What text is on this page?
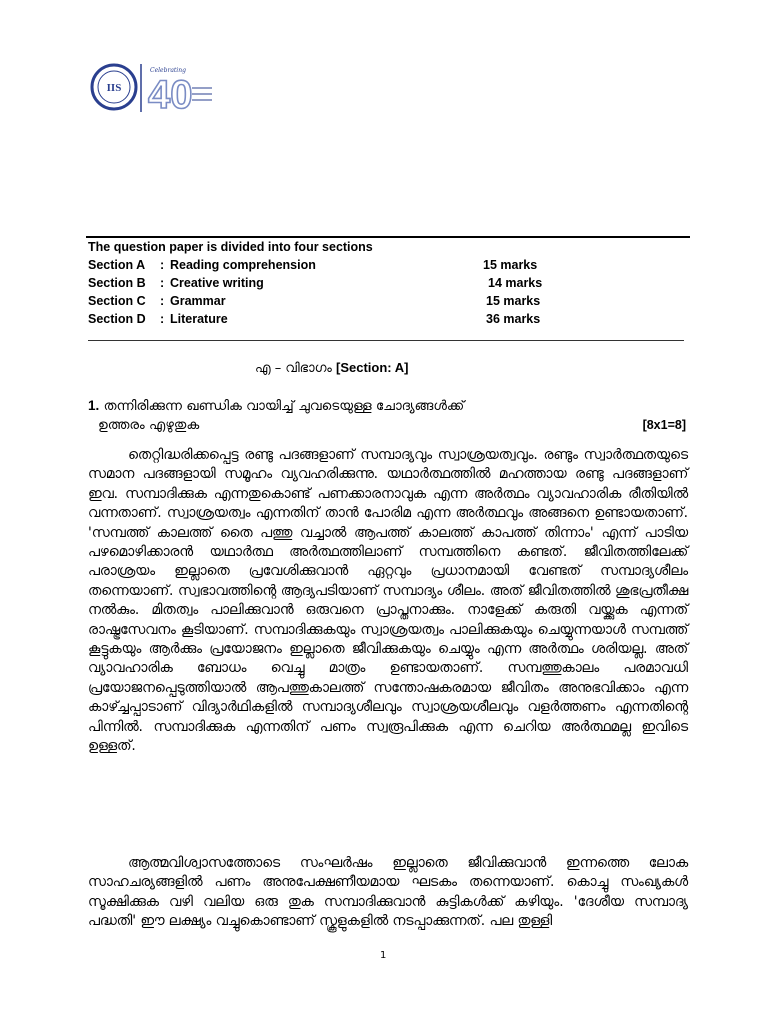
IIS
Celebrating
40
The question paper is divided into four sections
Section A : Reading comprehension	15 marks
Section B : Creative writing	14 marks
Section C : Grammar	15 marks
Section D : Literature	36 marks
എ – വിഭാഗം [Section: A]
1. തന്നിരിക്കുന്ന ഖണ്ഡിക വായിച്ച് ചുവടെയുള്ള ചോദ്യങ്ങൾക്ക്
ഉത്തരം എഴുതുക	[8x1=8]
തെറ്റിദ്ധരിക്കപ്പെട്ട രണ്ടു പദങ്ങളാണ് സമ്പാദ്യവും സ്വാശ്രയത്വവും. രണ്ടും സ്വാർത്ഥതയുടെ സമാന പദങ്ങളായി സമൂഹം വ്യവഹരിക്കുന്നു. യഥാർത്ഥത്തിൽ മഹത്തായ രണ്ടു പദങ്ങളാണ് ഇവ. സമ്പാദിക്കുക എന്നതുകൊണ്ട് പണക്കാരനാവുക എന്ന അർത്ഥം വ്യാവഹാരിക രീതിയിൽ വന്നതാണ്. സ്വാശ്രയത്വം എന്നതിന് താൻ പോരിമ എന്ന അർത്ഥവും അങ്ങനെ ഉണ്ടായതാണ്. 'സമ്പത്ത് കാലത്ത് തൈ പത്തു വച്ചാൽ ആപത്ത് കാലത്ത് കാപത്ത് തിന്നാം' എന്ന് പാടിയ പഴമൊഴിക്കാരൻ യഥാർത്ഥ അർത്ഥത്തിലാണ് സമ്പത്തിനെ കണ്ടത്. ജീവിതത്തിലേക്ക് പരാശ്രയം ഇല്ലാതെ പ്രവേശിക്കുവാൻ ഏറ്റവും പ്രധാനമായി വേണ്ടത് സമ്പാദ്യശീലം തന്നെയാണ്. സ്വഭാവത്തിന്റെ ആദ്യപടിയാണ് സമ്പാദ്യം ശീലം. അത് ജീവിതത്തിൽ ശുഭപ്രതീക്ഷ നൽകും. മിതത്വം പാലിക്കുവാൻ ഒരുവനെ പ്രാപ്തനാക്കും. നാളേക്ക് കരുതി വയ്ക്കുക എന്നത് രാഷ്ട്രസേവനം കൂടിയാണ്. സമ്പാദിക്കുകയും സ്വാശ്രയത്വം പാലിക്കുകയും ചെയ്യുന്നയാൾ സമ്പത്ത് കൂട്ടുകയും ആർക്കും പ്രയോജനം ഇല്ലാതെ ജീവിക്കുകയും ചെയ്യും എന്ന അർത്ഥം ശരിയല്ല. അത് വ്യാവഹാരിക ബോധം വെച്ചു മാത്രം ഉണ്ടായതാണ്. സമ്പത്തുകാലം പരമാവധി പ്രയോജനപ്പെടുത്തിയാൽ ആപത്തുകാലത്ത് സന്തോഷകരമായ ജീവിതം അനുഭവിക്കാം എന്ന കാഴ്ച്ചപ്പാടാണ് വിദ്യാർഥികളിൽ സമ്പാദ്യശീലവും സ്വാശ്രയശീലവും വളർത്തണം എന്നതിന്റെ പിന്നിൽ. സമ്പാദിക്കുക എന്നതിന് പണം സ്വരൂപിക്കുക എന്ന ചെറിയ അർത്ഥമല്ല ഇവിടെ ഉള്ളത്.
ആത്മവിശ്വാസത്തോടെ സംഘർഷം ഇല്ലാതെ ജീവിക്കുവാൻ ഇന്നത്തെ ലോക സാഹചര്യങ്ങളിൽ പണം അനുപേക്ഷണീയമായ ഘടകം തന്നെയാണ്. കൊച്ചു സംഖ്യകൾ സൂക്ഷിക്കുക വഴി വലിയ ഒരു തുക സമ്പാദിക്കുവാൻ കുട്ടികൾക്ക് കഴിയും. 'ദേശീയ സമ്പാദ്യ പദ്ധതി' ഈ ലക്ഷ്യം വച്ചുകൊണ്ടാണ് സ്കൂളുകളിൽ നടപ്പാക്കുന്നത്. പല തുള്ളി
1
